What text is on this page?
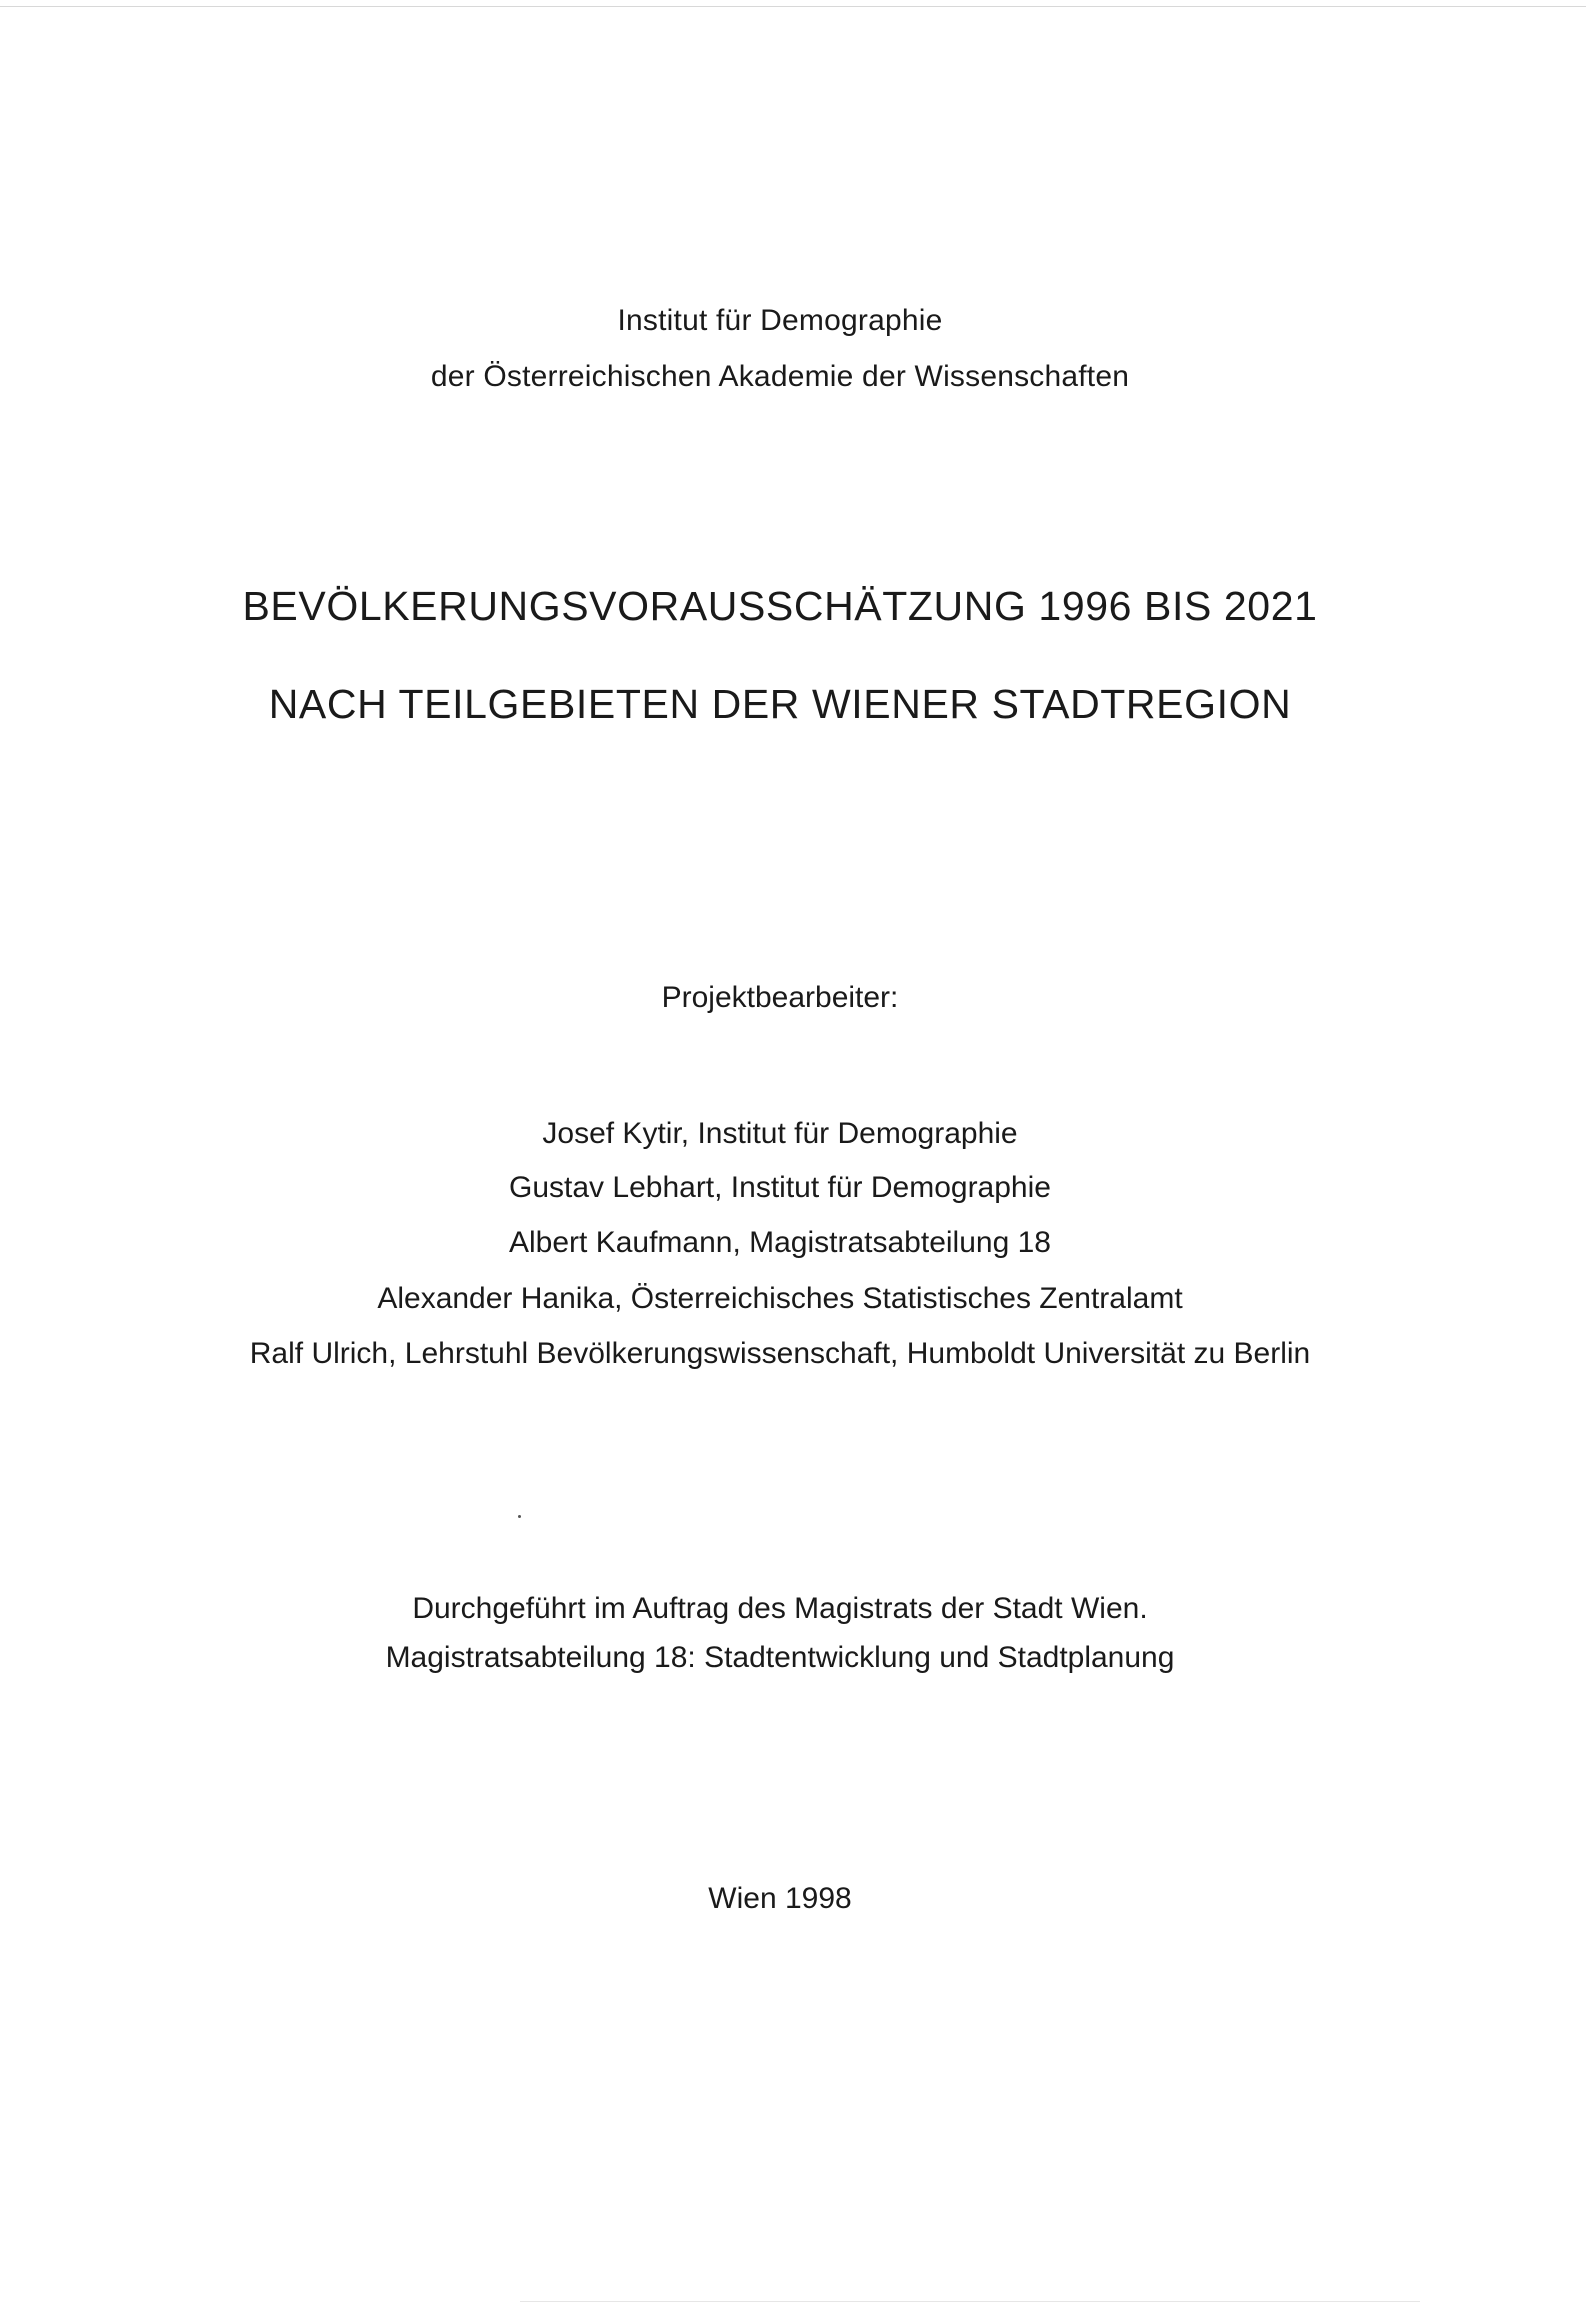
Institut für Demographie
der Österreichischen Akademie der Wissenschaften
BEVÖLKERUNGSVORAUSSCHÄTZUNG 1996 BIS 2021
NACH TEILGEBIETEN DER WIENER STADTREGION
Projektbearbeiter:
Josef Kytir, Institut für Demographie
Gustav Lebhart, Institut für Demographie
Albert Kaufmann, Magistratsabteilung 18
Alexander Hanika, Österreichisches Statistisches Zentralamt
Ralf Ulrich, Lehrstuhl Bevölkerungswissenschaft, Humboldt Universität zu Berlin
Durchgeführt im Auftrag des Magistrats der Stadt Wien.
Magistratsabteilung 18: Stadtentwicklung und Stadtplanung
Wien 1998
